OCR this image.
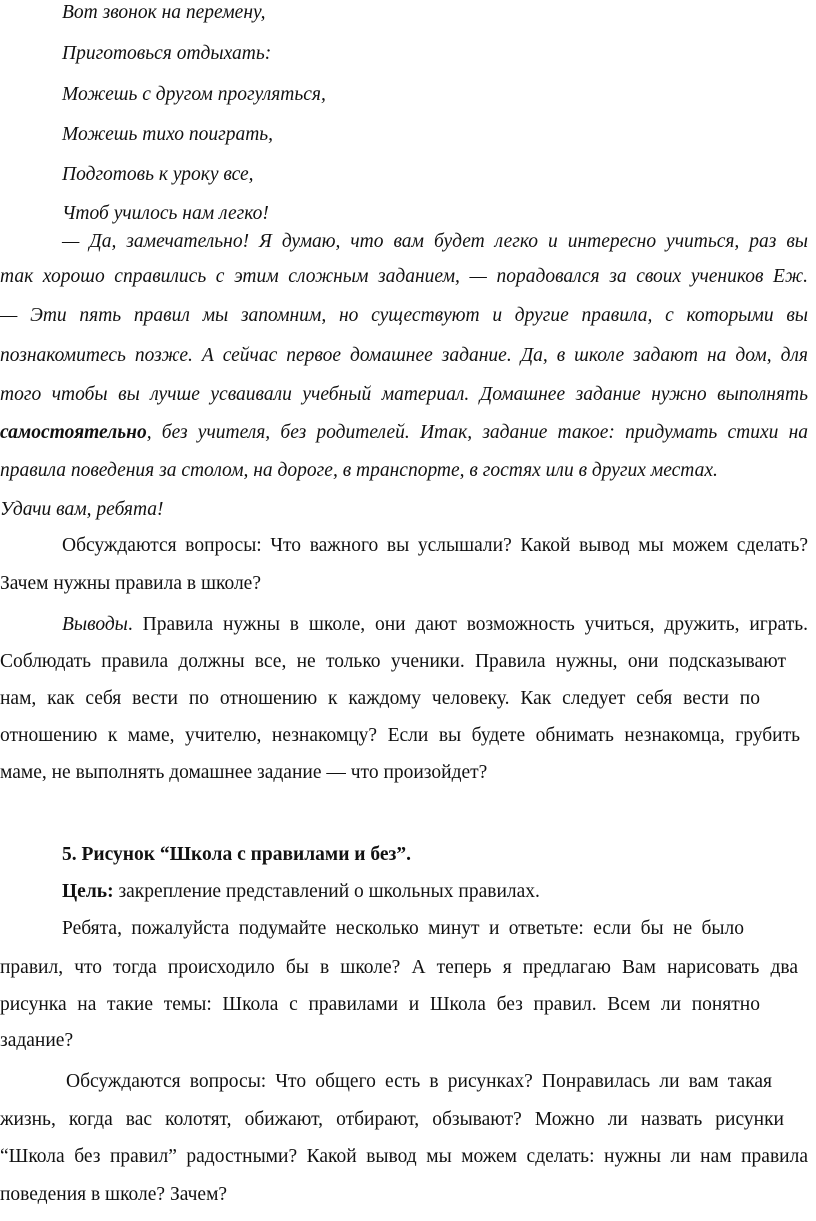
Вот звонок на перемену,
Приготовься отдыхать:
Можешь с другом прогуляться,
Можешь тихо поиграть,
Подготовь к уроку все,
Чтоб училось нам легко!
— Да, замечательно! Я думаю, что вам будет легко и интересно учиться, раз вы
так хорошо справились с этим сложным заданием, — порадовался за своих учеников Еж.
— Эти пять правил мы запомним, но существуют и другие правила, с которыми вы
познакомитесь позже. А сейчас первое домашнее задание. Да, в школе задают на дом, для
того чтобы вы лучше усваивали учебный материал. Домашнее задание нужно выполнять
самостоятельно, без учителя, без родителей. Итак, задание такое: придумать стихи на
правила поведения за столом, на дороге, в транспорте, в гостях или в других местах.
Удачи вам, ребята!
Обсуждаются вопросы: Что важного вы услышали? Какой вывод мы можем сделать?
Зачем нужны правила в школе?
Выводы. Правила нужны в школе, они дают возможность учиться, дружить, играть.
Соблюдать правила должны все, не только ученики. Правила нужны, они подсказывают
нам, как себя вести по отношению к каждому человеку. Как следует себя вести по
отношению к маме, учителю, незнакомцу? Если вы будете обнимать незнакомца, грубить
маме, не выполнять домашнее задание — что произойдет?
5. Рисунок “Школа с правилами и без”.
Цель: закрепление представлений о школьных правилах.
Ребята, пожалуйста подумайте несколько минут и ответьте: если бы не было
правил, что тогда происходило бы в школе? А теперь я предлагаю Вам нарисовать два
рисунка на такие темы: Школа с правилами и Школа без правил. Всем ли понятно
задание?
Обсуждаются вопросы: Что общего есть в рисунках? Понравилась ли вам такая
жизнь, когда вас колотят, обижают, отбирают, обзывают? Можно ли назвать рисунки
“Школа без правил” радостными? Какой вывод мы можем сделать: нужны ли нам правила
поведения в школе? Зачем?
